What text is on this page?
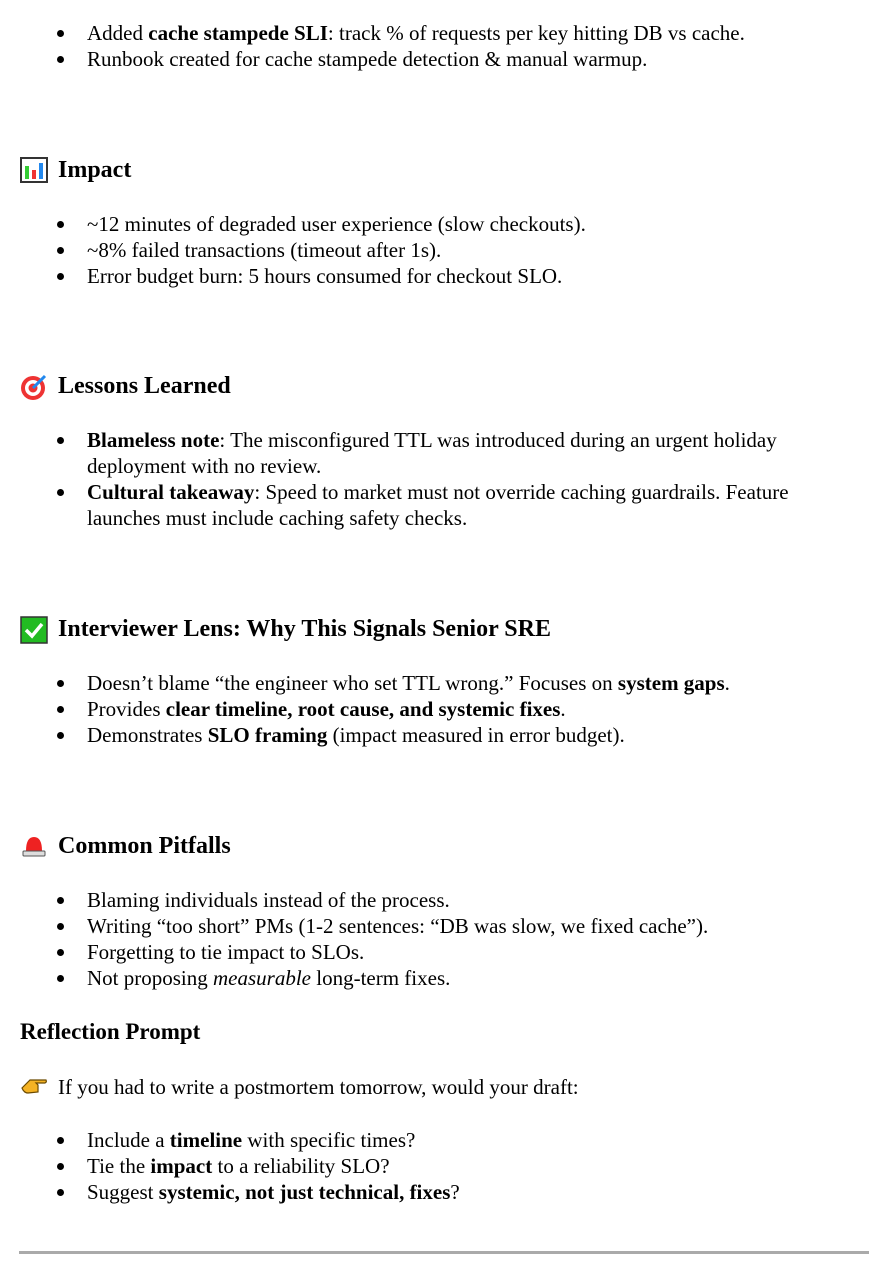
Added cache stampede SLI: track % of requests per key hitting DB vs cache.
Runbook created for cache stampede detection & manual warmup.
Impact
~12 minutes of degraded user experience (slow checkouts).
~8% failed transactions (timeout after 1s).
Error budget burn: 5 hours consumed for checkout SLO.
Lessons Learned
Blameless note: The misconfigured TTL was introduced during an urgent holiday deployment with no review.
Cultural takeaway: Speed to market must not override caching guardrails. Feature launches must include caching safety checks.
Interviewer Lens: Why This Signals Senior SRE
Doesn’t blame “the engineer who set TTL wrong.” Focuses on system gaps.
Provides clear timeline, root cause, and systemic fixes.
Demonstrates SLO framing (impact measured in error budget).
Common Pitfalls
Blaming individuals instead of the process.
Writing “too short” PMs (1-2 sentences: “DB was slow, we fixed cache”).
Forgetting to tie impact to SLOs.
Not proposing measurable long-term fixes.
Reflection Prompt

If you had to write a postmortem tomorrow, would your draft:

Include a timeline with specific times?
Tie the impact to a reliability SLO?
Suggest systemic, not just technical, fixes?
